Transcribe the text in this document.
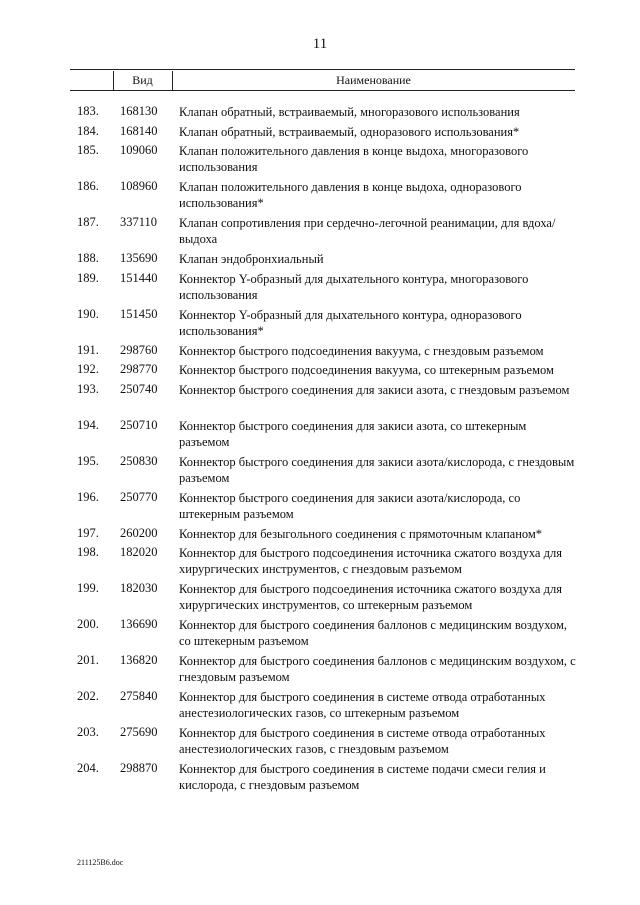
11
Вид	Наименование
183. 168130 Клапан обратный, встраиваемый, многоразового использования
184. 168140 Клапан обратный, встраиваемый, одноразового использования*
185. 109060 Клапан положительного давления в конце выдоха, многоразового использования
186. 108960 Клапан положительного давления в конце выдоха, одноразового использования*
187. 337110 Клапан сопротивления при сердечно-легочной реанимации, для вдоха/выдоха
188. 135690 Клапан эндобронхиальный
189. 151440 Коннектор Y-образный для дыхательного контура, многоразового использования
190. 151450 Коннектор Y-образный для дыхательного контура, одноразового использования*
191. 298760 Коннектор быстрого подсоединения вакуума, с гнездовым разъемом
192. 298770 Коннектор быстрого подсоединения вакуума, со штекерным разъемом
193. 250740 Коннектор быстрого соединения для закиси азота, с гнездовым разъемом
194. 250710 Коннектор быстрого соединения для закиси азота, со штекерным разъемом
195. 250830 Коннектор быстрого соединения для закиси азота/кислорода, с гнездовым разъемом
196. 250770 Коннектор быстрого соединения для закиси азота/кислорода, со штекерным разъемом
197. 260200 Коннектор для безыгольного соединения с прямоточным клапаном*
198. 182020 Коннектор для быстрого подсоединения источника сжатого воздуха для хирургических инструментов, с гнездовым разъемом
199. 182030 Коннектор для быстрого подсоединения источника сжатого воздуха для хирургических инструментов, со штекерным разъемом
200. 136690 Коннектор для быстрого соединения баллонов с медицинским воздухом, со штекерным разъемом
201. 136820 Коннектор для быстрого соединения баллонов с медицинским воздухом, с гнездовым разъемом
202. 275840 Коннектор для быстрого соединения в системе отвода отработанных анестезиологических газов, со штекерным разъемом
203. 275690 Коннектор для быстрого соединения в системе отвода отработанных анестезиологических газов, с гнездовым разъемом
204. 298870 Коннектор для быстрого соединения в системе подачи смеси гелия и кислорода, с гнездовым разъемом
211125B6.doc
